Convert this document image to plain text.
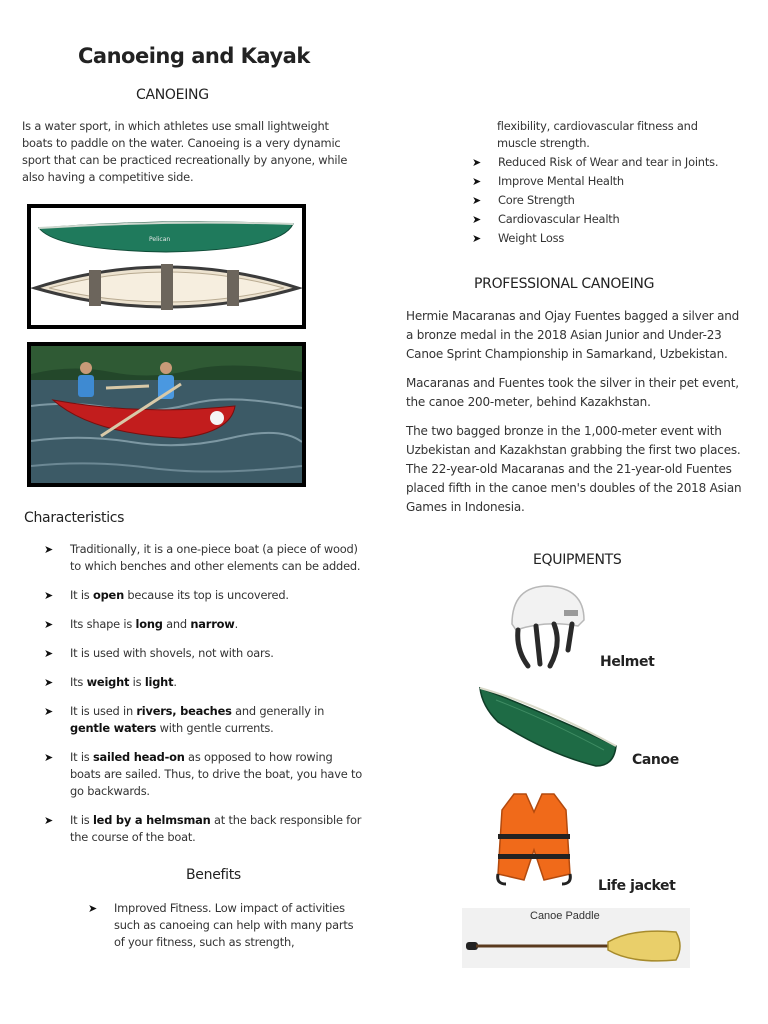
Canoeing and Kayak
CANOEING
Is a water sport, in which athletes use small lightweight boats to paddle on the water. Canoeing is a very dynamic sport that can be practiced recreationally by anyone, while also having a competitive side.
Pelican
Characteristics
➤ Traditionally, it is a one-piece boat (a piece of wood) to which benches and other elements can be added.
➤ It is open because its top is uncovered.
➤ Its shape is long and narrow.
➤ It is used with shovels, not with oars.
➤ Its weight is light.
➤ It is used in rivers, beaches and generally in gentle waters with gentle currents.
➤ It is sailed head-on as opposed to how rowing boats are sailed. Thus, to drive the boat, you have to go backwards.
➤ It is led by a helmsman at the back responsible for the course of the boat.
Benefits
➤ Improved Fitness. Low impact of activities such as canoeing can help with many parts of your fitness, such as strength,
flexibility, cardiovascular fitness and muscle strength.
➤ Reduced Risk of Wear and tear in Joints.
➤ Improve Mental Health
➤ Core Strength
➤ Cardiovascular Health
➤ Weight Loss
PROFESSIONAL CANOEING
Hermie Macaranas and Ojay Fuentes bagged a silver and a bronze medal in the 2018 Asian Junior and Under-23 Canoe Sprint Championship in Samarkand, Uzbekistan.
Macaranas and Fuentes took the silver in their pet event, the canoe 200-meter, behind Kazakhstan.
The two bagged bronze in the 1,000-meter event with Uzbekistan and Kazakhstan grabbing the first two places.
The 22-year-old Macaranas and the 21-year-old Fuentes placed fifth in the canoe men's doubles of the 2018 Asian Games in Indonesia.
EQUIPMENTS
Helmet
Canoe
Life jacket
Canoe Paddle
